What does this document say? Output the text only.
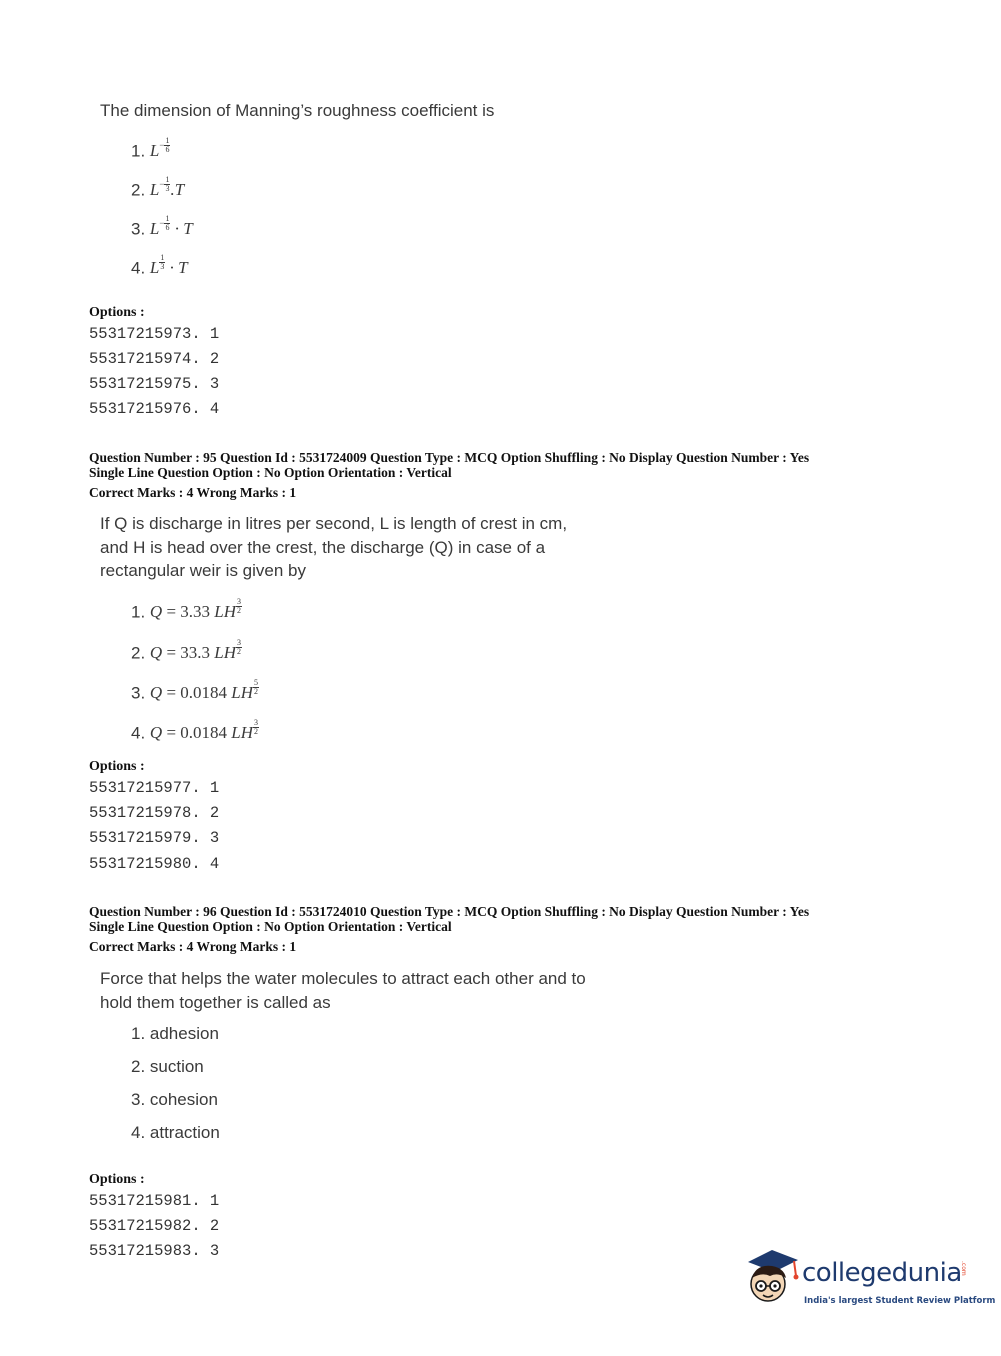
The dimension of Manning’s roughness coefficient is
1. $L^- \frac{1}{6}$
2. $L^- \frac{1}{3} .T$
3. $L^- \frac{1}{6} \cdot T$
4. L $\frac{1}{3} \cdot T$
Options :
55317215973. 1
55317215974. 2
55317215975. 3
55317215976. 4
Question Number : 95 Question Id : 5531724009 Question Type : MCQ Option Shuffling : No Display Question Number : Yes
Single Line Question Option : No Option Orientation : Vertical
Correct Marks : 4 Wrong Marks : 1
If Q is discharge in litres per second, L is length of crest in cm,
and H is head over the crest, the discharge (Q) in case of a
rectangular weir is given by
1. Q = 3.33 LH $\frac{3}{2}$
2. Q = 33.3 LH $\frac{3}{2}$
3. Q = 0.0184 LH $\frac{5}{2}$
4. Q = 0.0184 LH $\frac{3}{2}$
Options :
55317215977. 1
55317215978. 2
55317215979. 3
55317215980. 4
Question Number : 96 Question Id : 5531724010 Question Type : MCQ Option Shuffling : No Display Question Number : Yes
Single Line Question Option : No Option Orientation : Vertical
Correct Marks : 4 Wrong Marks : 1
Force that helps the water molecules to attract each other and to
hold them together is called as
1. adhesion
2. suction
3. cohesion
4. attraction
Options :
55317215981. 1
55317215982. 2
55317215983. 3
collegedunia
.com
India's largest Student Review Platform
